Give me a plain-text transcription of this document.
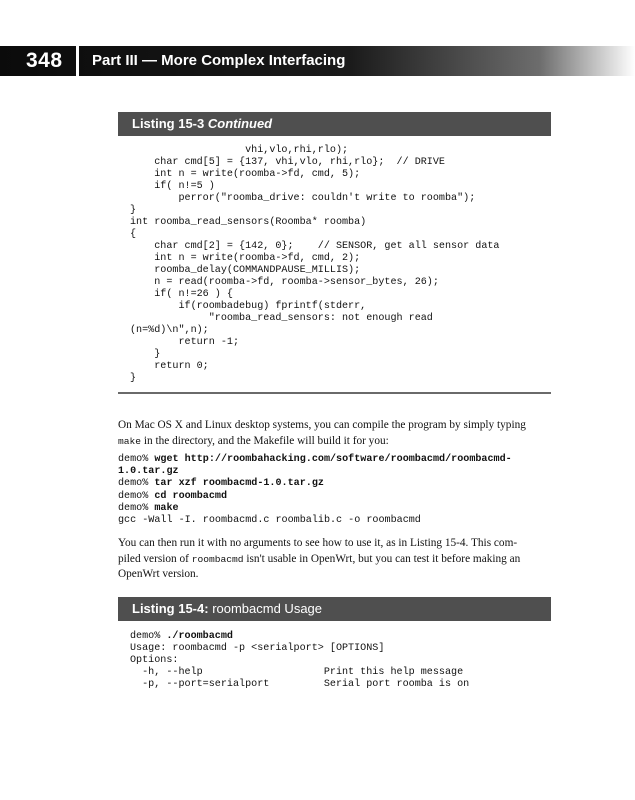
348 Part III — More Complex Interfacing
Listing 15-3 Continued
vhi,vlo,rhi,rlo);
char cmd[5] = {137, vhi,vlo, rhi,rlo};  // DRIVE
int n = write(roomba->fd, cmd, 5);
if( n!=5 )
perror("roomba_drive: couldn't write to roomba");
}
int roomba_read_sensors(Roomba* roomba)
{
char cmd[2] = {142, 0};    // SENSOR, get all sensor data
int n = write(roomba->fd, cmd, 2);
roomba_delay(COMMANDPAUSE_MILLIS);
n = read(roomba->fd, roomba->sensor_bytes, 26);
if( n!=26 ) {
if(roombadebug) fprintf(stderr,
"roomba_read_sensors: not enough read
(n=%d)\n",n);
return -1;
}
return 0;
}

On Mac OS X and Linux desktop systems, you can compile the program by simply typing
make in the directory, and the Makefile will build it for you:

demo% wget http://roombahacking.com/software/roombacmd/roombacmd-
1.0.tar.gz
demo% tar xzf roombacmd-1.0.tar.gz
demo% cd roombacmd
demo% make
gcc -Wall -I. roombacmd.c roombalib.c -o roombacmd

You can then run it with no arguments to see how to use it, as in Listing 15-4. This com-
piled version of roombacmd isn't usable in OpenWrt, but you can test it before making an
OpenWrt version.

Listing 15-4: roombacmd Usage
demo% ./roombacmd
Usage: roombacmd -p <serialport> [OPTIONS]
Options:
-h, --help                    Print this help message
-p, --port=serialport         Serial port roomba is on
